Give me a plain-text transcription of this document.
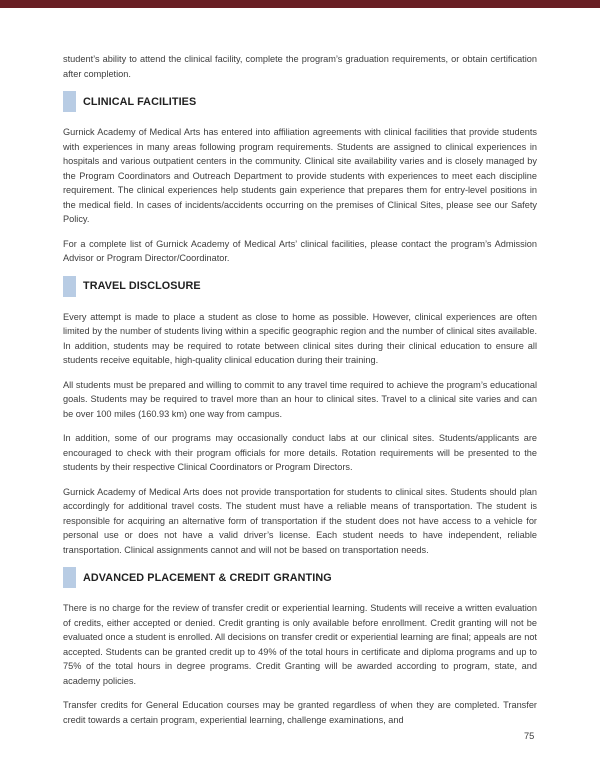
student’s ability to attend the clinical facility, complete the program’s graduation requirements, or obtain certification after completion.

CLINICAL FACILITIES

Gurnick Academy of Medical Arts has entered into affiliation agreements with clinical facilities that provide students with experiences in many areas following program requirements. Students are assigned to clinical experiences in hospitals and various outpatient centers in the community. Clinical site availability varies and is closely managed by the Program Coordinators and Outreach Department to provide students with experiences to meet each discipline requirement. The clinical experiences help students gain experience that prepares them for entry-level positions in the medical field. In cases of incidents/accidents occurring on the premises of Clinical Sites, please see our Safety Policy.

For a complete list of Gurnick Academy of Medical Arts’ clinical facilities, please contact the program’s Admission Advisor or Program Director/Coordinator.

TRAVEL DISCLOSURE

Every attempt is made to place a student as close to home as possible. However, clinical experiences are often limited by the number of students living within a specific geographic region and the number of clinical sites available. In addition, students may be required to rotate between clinical sites during their clinical education to ensure all students receive equitable, high-quality clinical education during their training.

All students must be prepared and willing to commit to any travel time required to achieve the program’s educational goals. Students may be required to travel more than an hour to clinical sites. Travel to a clinical site varies and can be over 100 miles (160.93 km) one way from campus.

In addition, some of our programs may occasionally conduct labs at our clinical sites. Students/applicants are encouraged to check with their program officials for more details. Rotation requirements will be presented to the students by their respective Clinical Coordinators or Program Directors.

Gurnick Academy of Medical Arts does not provide transportation for students to clinical sites. Students should plan accordingly for additional travel costs. The student must have a reliable means of transportation. The student is responsible for acquiring an alternative form of transportation if the student does not have access to a vehicle for personal use or does not have a valid driver’s license. Each student needs to have independent, reliable transportation. Clinical assignments cannot and will not be based on transportation needs.

ADVANCED PLACEMENT & CREDIT GRANTING

There is no charge for the review of transfer credit or experiential learning. Students will receive a written evaluation of credits, either accepted or denied. Credit granting is only available before enrollment. Credit granting will not be evaluated once a student is enrolled. All decisions on transfer credit or experiential learning are final; appeals are not accepted. Students can be granted credit up to 49% of the total hours in certificate and diploma programs and up to 75% of the total hours in degree programs. Credit Granting will be awarded according to program, state, and academy policies.

Transfer credits for General Education courses may be granted regardless of when they are completed. Transfer credit towards a certain program, experiential learning, challenge examinations, and

75
